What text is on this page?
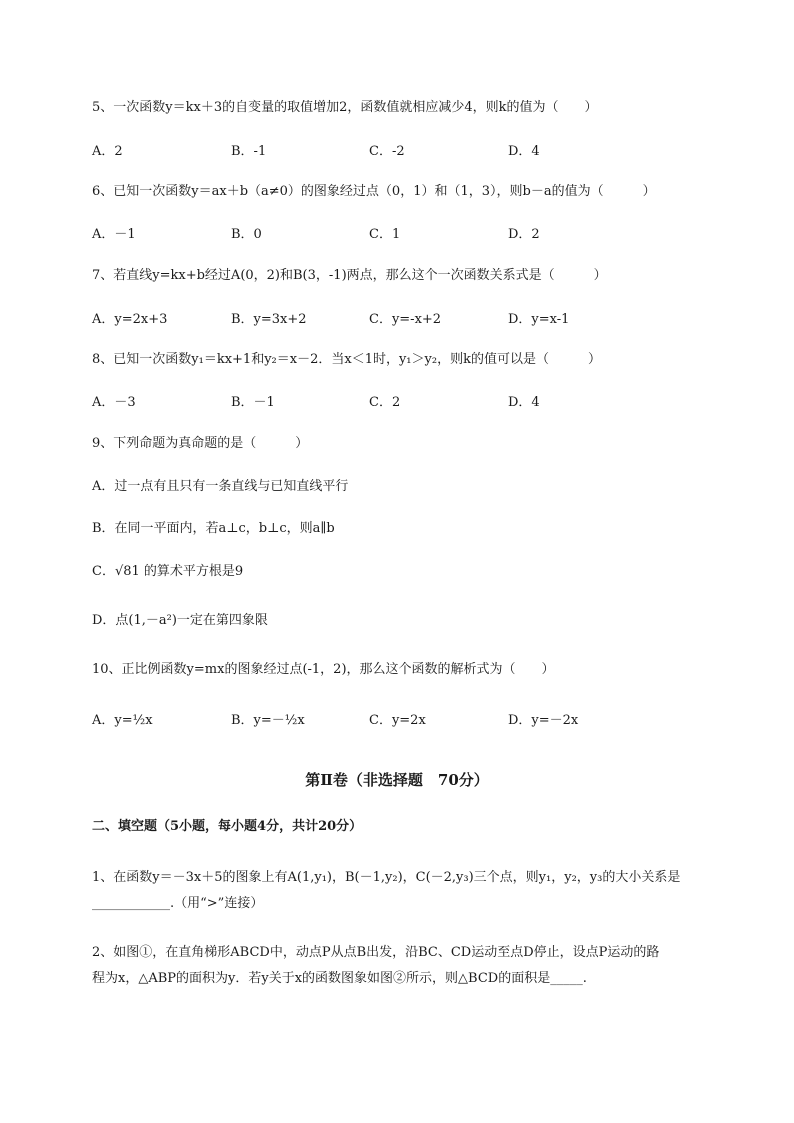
5、一次函数y＝kx＋3的自变量的取值增加2，函数值就相应减少4，则k的值为（　　）
A．2	B．-1	C．-2	D．4
6、已知一次函数y＝ax＋b（a≠0）的图象经过点（0，1）和（1，3），则b－a的值为（　　　）
A．－1	B．0	C．1	D．2
7、若直线y=kx+b经过A(0，2)和B(3，-1)两点，那么这个一次函数关系式是（　　　）
A．y=2x+3	B．y=3x+2	C．y=-x+2	D．y=x-1
8、已知一次函数y₁＝kx+1和y₂＝x－2．当x＜1时，y₁＞y₂，则k的值可以是（　　　）
A．－3	B．－1	C．2	D．4
9、下列命题为真命题的是（　　　）
A．过一点有且只有一条直线与已知直线平行
B．在同一平面内，若a⊥c，b⊥c，则a∥b
C．√81 的算术平方根是9
D．点(1,－a²)一定在第四象限
10、正比例函数y=mx的图象经过点(-1，2)，那么这个函数的解析式为（　　）
A．y=½x	B．y=－½x	C．y=2x	D．y=－2x
第Ⅱ卷（非选择题　70分）
二、填空题（5小题，每小题4分，共计20分）
1、在函数y＝－3x＋5的图象上有A(1,y₁)，B(－1,y₂)，C(－2,y₃)三个点，则y₁，y₂，y₃的大小关系是
____________.（用“>”连接）
2、如图①，在直角梯形ABCD中，动点P从点B出发，沿BC、CD运动至点D停止，设点P运动的路
程为x，△ABP的面积为y．若y关于x的函数图象如图②所示，则△BCD的面积是_____.
